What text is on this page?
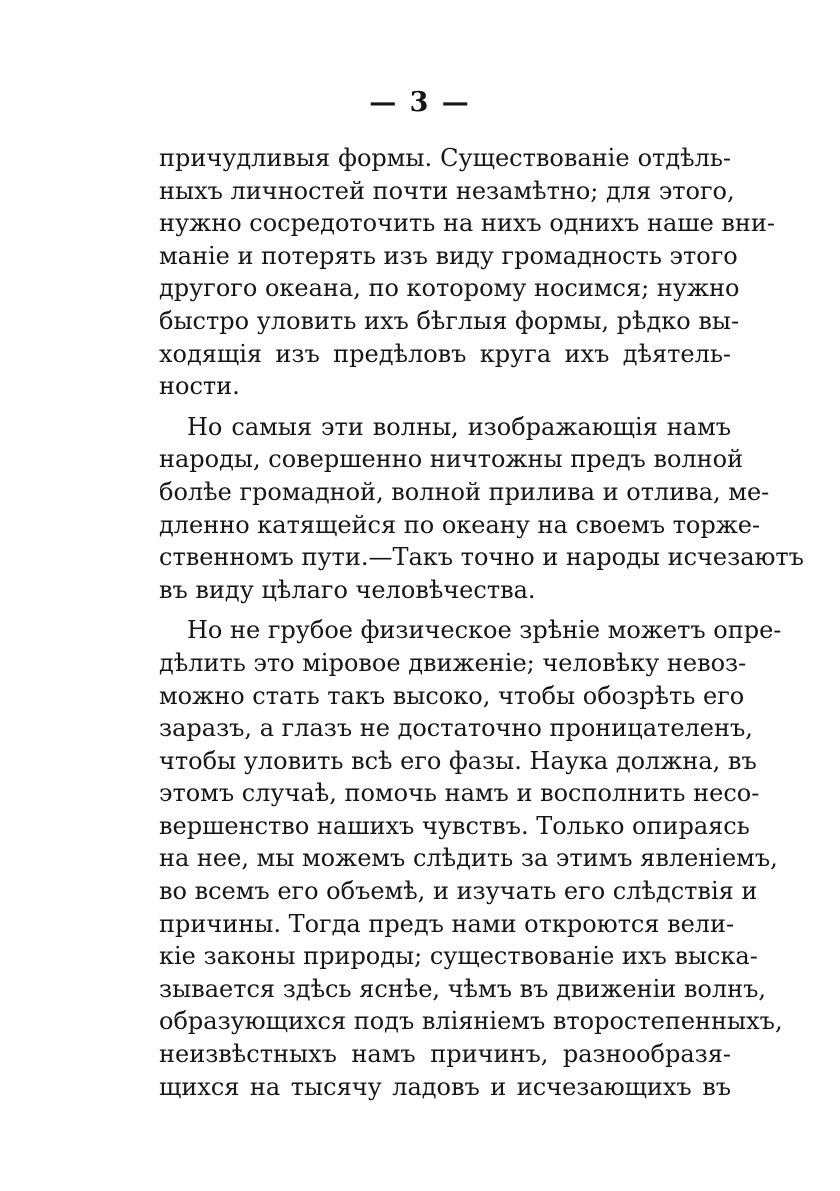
— 3 —
причудливыя формы. Существованіе отдѣль-
ныхъ личностей почти незамѣтно; для этого,
нужно сосредоточить на нихъ однихъ наше вни-
маніе и потерять изъ виду громадность этого
другого океана, по которому носимся; нужно
быстро уловить ихъ бѣглыя формы, рѣдко вы-
ходящія изъ предѣловъ круга ихъ дѣятель-
ности.
Но самыя эти волны, изображающія намъ
народы, совершенно ничтожны предъ волной
болѣе громадной, волной прилива и отлива, ме-
дленно катящейся по океану на своемъ торже-
ственномъ пути.—Такъ точно и народы исчезаютъ
въ виду цѣлаго человѣчества.
Но не грубое физическое зрѣніе можетъ опре-
дѣлить это міровое движеніе; человѣку невоз-
можно стать такъ высоко, чтобы обозрѣть его
заразъ, а глазъ не достаточно проницателенъ,
чтобы уловить всѣ его фазы. Наука должна, въ
этомъ случаѣ, помочь намъ и восполнить несо-
вершенство нашихъ чувствъ. Только опираясь
на нее, мы можемъ слѣдить за этимъ явленіемъ,
во всемъ его объемѣ, и изучать его слѣдствія и
причины. Тогда предъ нами откроются вели-
кіе законы природы; существованіе ихъ выска-
зывается здѣсь яснѣе, чѣмъ въ движеніи волнъ,
образующихся подъ вліяніемъ второстепенныхъ,
неизвѣстныхъ намъ причинъ, разнообразя-
щихся на тысячу ладовъ и исчезающихъ въ
